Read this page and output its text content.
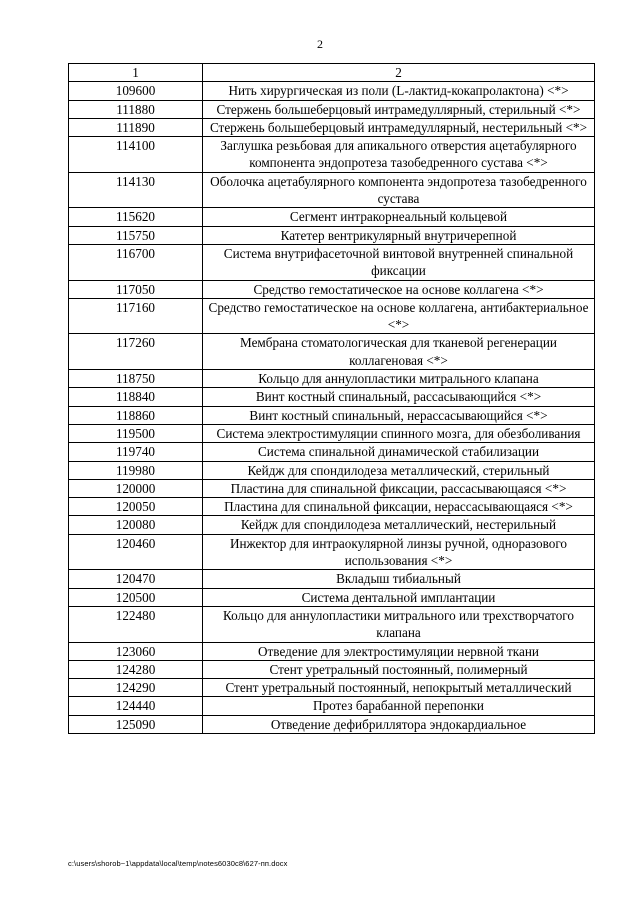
2
1	2
109600	Нить хирургическая из поли (L-лактид-кокапролактона) <*>
111880	Стержень большеберцовый интрамедуллярный, стерильный <*>
111890	Стержень большеберцовый интрамедуллярный, нестерильный <*>
114100	Заглушка резьбовая для апикального отверстия ацетабулярного компонента эндопротеза тазобедренного сустава <*>
114130	Оболочка ацетабулярного компонента эндопротеза тазобедренного сустава
115620	Сегмент интракорнеальный кольцевой
115750	Катетер вентрикулярный внутричерепной
116700	Система внутрифасеточной винтовой внутренней спинальной фиксации
117050	Средство гемостатическое на основе коллагена <*>
117160	Средство гемостатическое на основе коллагена, антибактериальное <*>
117260	Мембрана стоматологическая для тканевой регенерации коллагеновая <*>
118750	Кольцо для аннулопластики митрального клапана
118840	Винт костный спинальный, рассасывающийся <*>
118860	Винт костный спинальный, нерассасывающийся <*>
119500	Система электростимуляции спинного мозга, для обезболивания
119740	Система спинальной динамической стабилизации
119980	Кейдж для спондилодеза металлический, стерильный
120000	Пластина для спинальной фиксации, рассасывающаяся <*>
120050	Пластина для спинальной фиксации, нерассасывающаяся <*>
120080	Кейдж для спондилодеза металлический, нестерильный
120460	Инжектор для интраокулярной линзы ручной, одноразового использования <*>
120470	Вкладыш тибиальный
120500	Система дентальной имплантации
122480	Кольцо для аннулопластики митрального или трехстворчатого клапана
123060	Отведение для электростимуляции нервной ткани
124280	Стент уретральный постоянный, полимерный
124290	Стент уретральный постоянный, непокрытый металлический
124440	Протез барабанной перепонки
125090	Отведение дефибриллятора эндокардиальное
c:\users\shorob~1\appdata\local\temp\notes6030c8\627-пп.docx
